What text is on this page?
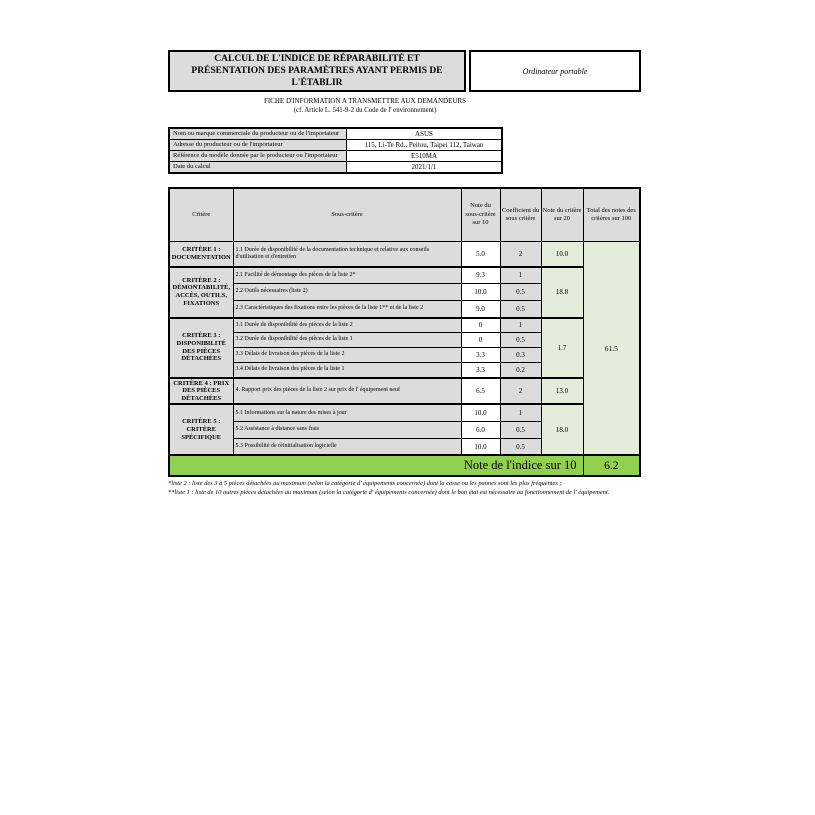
CALCUL DE L'INDICE DE RÉPARABILITÉ ET
PRÉSENTATION DES PARAMÈTRES AYANT PERMIS DE L'ÉTABLIR
Ordinateur portable
FICHE D'INFORMATION A TRANSMETTRE AUX DEMANDEURS
(cf. Article L. 541-9-2 du Code de l' environnement)
Nom ou marque commerciale du producteur ou de l'importateur	ASUS
Adresse du producteur ou de l'importateur	115, Li-Te Rd., Peitou, Taipei 112, Taiwan
Référence du modèle donnée par le producteur ou l'importateur	E510MA
Date du calcul	2021/1/1
Critère	Sous-critère	Note du sous-critère sur 10	Coefficient du sous critère	Note du critère sur 20	Total des notes des critères sur 100
CRITÈRE 1 : DOCUMENTATION	1.1 Durée de disponibilité de la documentation technique et relative aux conseils d'utilisation et d'entretien	5.0	2	10.0	61.5
CRITÈRE 2 : DÉMONTABILITÉ, ACCÈS, OUTILS, FIXATIONS	2.1 Facilité de démontage des pièces de la liste 2*	9.3	1	18.8	
	2.2 Outils nécessaires (liste 2)	10.0	0.5		
	2.3 Caractéristiques des fixations entre les pièces de la liste 1** et de la liste 2	9.0	0.5		
CRITÈRE 3 : DISPONIBILITÉ DES PIÈCES DÉTACHÉES	3.1 Durée de disponibilité des pièces de la liste 2	0	1	1.7	
	3.2 Durée de disponibilité des pièces de la liste 1	0	0.5		
	3.3 Délais de livraison des pièces de la liste 2	3.3	0.3		
	3.4 Délais de livraison des pièces de la liste 1	3.3	0.2		
CRITÈRE 4 : PRIX DES PIÈCES DÉTACHÉES	4. Rapport prix des pièces de la liste 2 sur prix de l' équipement neuf	6.5	2	13.0	
CRITÈRE 5 : CRITÈRE SPÉCIFIQUE	5.1 Informations sur la nature des mises à jour	10.0	1	18.0	
	5.2 Assistance à distance sans frais	6.0	0.5		
	5.3 Possibilité de réinitialisation logicielle	10.0	0.5		
Note de l'indice sur 10					6.2

*liste 2 : liste des 3 à 5 pièces détachées au maximum (selon la catégorie d' équipements concernée) dont la casse ou les pannes sont les plus fréquentes ;

**liste 1 : liste de 10 autres pièces détachées au maximum (selon la catégorie d' équipements concernée) dont le bon état est nécessaire au fonctionnement de l' équipement.
